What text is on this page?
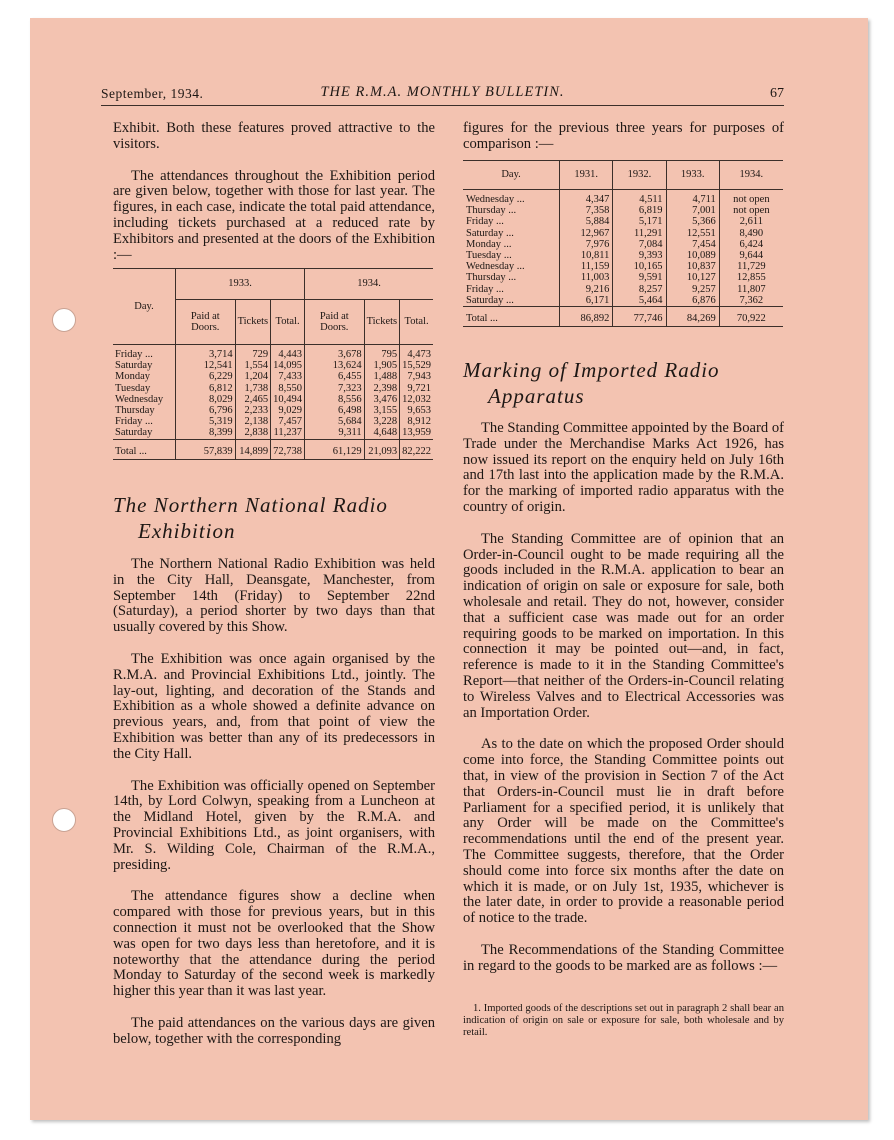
September, 1934.	THE R.M.A. MONTHLY BULLETIN.	67

Exhibit. Both these features proved attractive to the visitors.

The attendances throughout the Exhibition period are given below, together with those for last year. The figures, in each case, indicate the total paid attendance, including tickets purchased at a reduced rate by Exhibitors and presented at the doors of the Exhibition :—

Day.	1933.			1934.		
	Paid at Doors.	Tickets	Total.	Paid at Doors.	Tickets	Total.
Friday ...	3,714	729	4,443	3,678	795	4,473
Saturday	12,541	1,554	14,095	13,624	1,905	15,529
Monday	6,229	1,204	7,433	6,455	1,488	7,943
Tuesday	6,812	1,738	8,550	7,323	2,398	9,721
Wednesday	8,029	2,465	10,494	8,556	3,476	12,032
Thursday	6,796	2,233	9,029	6,498	3,155	9,653
Friday ...	5,319	2,138	7,457	5,684	3,228	8,912
Saturday	8,399	2,838	11,237	9,311	4,648	13,959
Total ...	57,839	14,899	72,738	61,129	21,093	82,222
The Northern National Radio
Exhibition

The Northern National Radio Exhibition was held in the City Hall, Deansgate, Manchester, from September 14th (Friday) to September 22nd (Saturday), a period shorter by two days than that usually covered by this Show.

The Exhibition was once again organised by the R.M.A. and Provincial Exhibitions Ltd., jointly. The lay-out, lighting, and decoration of the Stands and Exhibition as a whole showed a definite advance on previous years, and, from that point of view the Exhibition was better than any of its predecessors in the City Hall.

The Exhibition was officially opened on September 14th, by Lord Colwyn, speaking from a Luncheon at the Midland Hotel, given by the R.M.A. and Provincial Exhibitions Ltd., as joint organisers, with Mr. S. Wilding Cole, Chairman of the R.M.A., presiding.

The attendance figures show a decline when compared with those for previous years, but in this connection it must not be overlooked that the Show was open for two days less than heretofore, and it is noteworthy that the attendance during the period Monday to Saturday of the second week is markedly higher this year than it was last year.

The paid attendances on the various days are given below, together with the corresponding

figures for the previous three years for purposes of comparison :—

Day.	1931.	1932.	1933.	1934.
Wednesday ...	4,347	4,511	4,711	not open
Thursday ...	7,358	6,819	7,001	not open
Friday ...	5,884	5,171	5,366	2,611
Saturday ...	12,967	11,291	12,551	8,490
Monday ...	7,976	7,084	7,454	6,424
Tuesday ...	10,811	9,393	10,089	9,644
Wednesday ...	11,159	10,165	10,837	11,729
Thursday ...	11,003	9,591	10,127	12,855
Friday ...	9,216	8,257	9,257	11,807
Saturday ...	6,171	5,464	6,876	7,362
Total ...	86,892	77,746	84,269	70,922
Marking of Imported Radio
Apparatus

The Standing Committee appointed by the Board of Trade under the Merchandise Marks Act 1926, has now issued its report on the enquiry held on July 16th and 17th last into the application made by the R.M.A. for the marking of imported radio apparatus with the country of origin.

The Standing Committee are of opinion that an Order-in-Council ought to be made requiring all the goods included in the R.M.A. application to bear an indication of origin on sale or exposure for sale, both wholesale and retail. They do not, however, consider that a sufficient case was made out for an order requiring goods to be marked on importation. In this connection it may be pointed out—and, in fact, reference is made to it in the Standing Committee's Report—that neither of the Orders-in-Council relating to Wireless Valves and to Electrical Accessories was an Importation Order.

As to the date on which the proposed Order should come into force, the Standing Committee points out that, in view of the provision in Section 7 of the Act that Orders-in-Council must lie in draft before Parliament for a specified period, it is unlikely that any Order will be made on the Committee's recommendations until the end of the present year. The Committee suggests, therefore, that the Order should come into force six months after the date on which it is made, or on July 1st, 1935, whichever is the later date, in order to provide a reasonable period of notice to the trade.

The Recommendations of the Standing Committee in regard to the goods to be marked are as follows :—

1. Imported goods of the descriptions set out in paragraph 2 shall bear an indication of origin on sale or exposure for sale, both wholesale and by retail.
